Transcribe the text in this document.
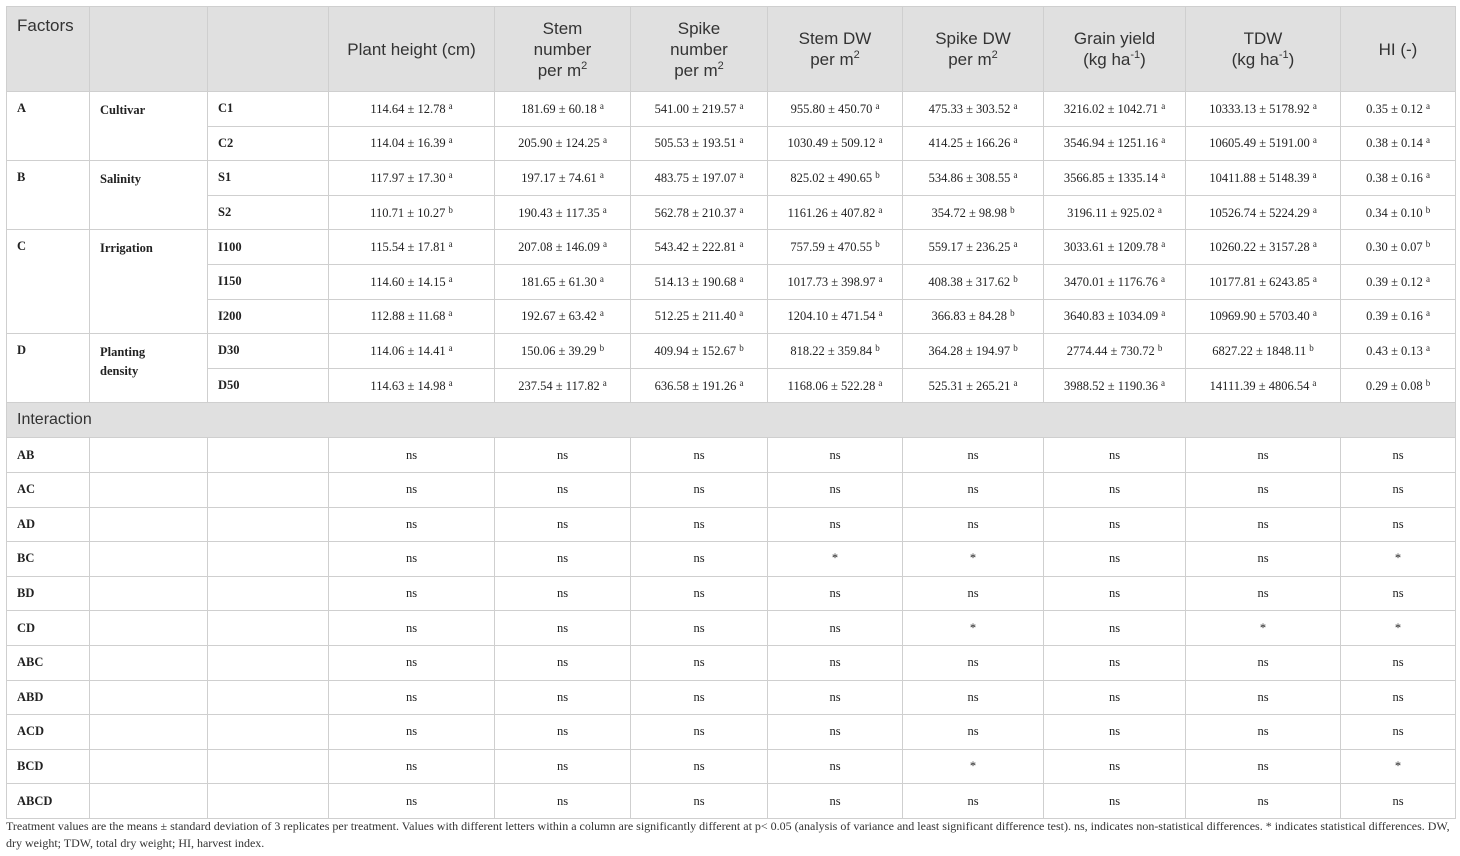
Factors			Plant height (cm)	Stem
number
per $m^2$	Spike
number
per $m^2$	Stem DW
per $m^2$	Spike DW
per $m^2$	Grain yield
(kg $ha^{-1}$)	TDW
(kg $ha^{-1}$)	HI (-)
A	Cultivar	C1	114.64 ± 12.78 $^a$	181.69 ± 60.18 $^a$	541.00 ± 219.57 $^a$	955.80 ± 450.70 $^a$	475.33 ± 303.52 $^a$	3216.02 ± 1042.71 $^a$	10333.13 ± 5178.92 $^a$	0.35 ± 0.12 $^a$
		C2	114.04 ± 16.39 $^a$	205.90 ± 124.25 $^a$	505.53 ± 193.51 $^a$	1030.49 ± 509.12 $^a$	414.25 ± 166.26 $^a$	3546.94 ± 1251.16 $^a$	10605.49 ± 5191.00 $^a$	0.38 ± 0.14 $^a$
B	Salinity	S1	117.97 ± 17.30 $^a$	197.17 ± 74.61 $^a$	483.75 ± 197.07 $^a$	825.02 ± 490.65 $^b$	534.86 ± 308.55 $^a$	3566.85 ± 1335.14 $^a$	10411.88 ± 5148.39 $^a$	0.38 ± 0.16 $^a$
		S2	110.71 ± 10.27 $^b$	190.43 ± 117.35 $^a$	562.78 ± 210.37 $^a$	1161.26 ± 407.82 $^a$	354.72 ± 98.98 $^b$	3196.11 ± 925.02 $^a$	10526.74 ± 5224.29 $^a$	0.34 ± 0.10 $^b$
C	Irrigation	I100	115.54 ± 17.81 $^a$	207.08 ± 146.09 $^a$	543.42 ± 222.81 $^a$	757.59 ± 470.55 $^b$	559.17 ± 236.25 $^a$	3033.61 ± 1209.78 $^a$	10260.22 ± 3157.28 $^a$	0.30 ± 0.07 $^b$
		I150	114.60 ± 14.15 $^a$	181.65 ± 61.30 $^a$	514.13 ± 190.68 $^a$	1017.73 ± 398.97 $^a$	408.38 ± 317.62 $^b$	3470.01 ± 1176.76 $^a$	10177.81 ± 6243.85 $^a$	0.39 ± 0.12 $^a$
		I200	112.88 ± 11.68 $^a$	192.67 ± 63.42 $^a$	512.25 ± 211.40 $^a$	1204.10 ± 471.54 $^a$	366.83 ± 84.28 $^b$	3640.83 ± 1034.09 $^a$	10969.90 ± 5703.40 $^a$	0.39 ± 0.16 $^a$
D	Planting
density	D30	114.06 ± 14.41 $^a$	150.06 ± 39.29 $^b$	409.94 ± 152.67 $^b$	818.22 ± 359.84 $^b$	364.28 ± 194.97 $^b$	2774.44 ± 730.72 $^b$	6827.22 ± 1848.11 $^b$	0.43 ± 0.13 $^a$
		D50	114.63 ± 14.98 $^a$	237.54 ± 117.82 $^a$	636.58 ± 191.26 $^a$	1168.06 ± 522.28 $^a$	525.31 ± 265.21 $^a$	3988.52 ± 1190.36 $^a$	14111.39 ± 4806.54 $^a$	0.29 ± 0.08 $^b$
Interaction										
AB			ns	ns	ns	ns	ns	ns	ns	ns
AC			ns	ns	ns	ns	ns	ns	ns	ns
AD			ns	ns	ns	ns	ns	ns	ns	ns
BC			ns	ns	ns	*	*	ns	ns	*
BD			ns	ns	ns	ns	ns	ns	ns	ns
CD			ns	ns	ns	ns	*	ns	*	*
ABC			ns	ns	ns	ns	ns	ns	ns	ns
ABD			ns	ns	ns	ns	ns	ns	ns	ns
ACD			ns	ns	ns	ns	ns	ns	ns	ns
BCD			ns	ns	ns	ns	*	ns	ns	*
ABCD			ns	ns	ns	ns	ns	ns	ns	ns
Treatment values are the means ± standard deviation of 3 replicates per treatment. Values with different letters within a column are significantly different at p< 0.05 (analysis of variance and least significant difference test). ns, indicates non-statistical differences. * indicates statistical differences. DW, dry weight; TDW, total dry weight; HI, harvest index.
